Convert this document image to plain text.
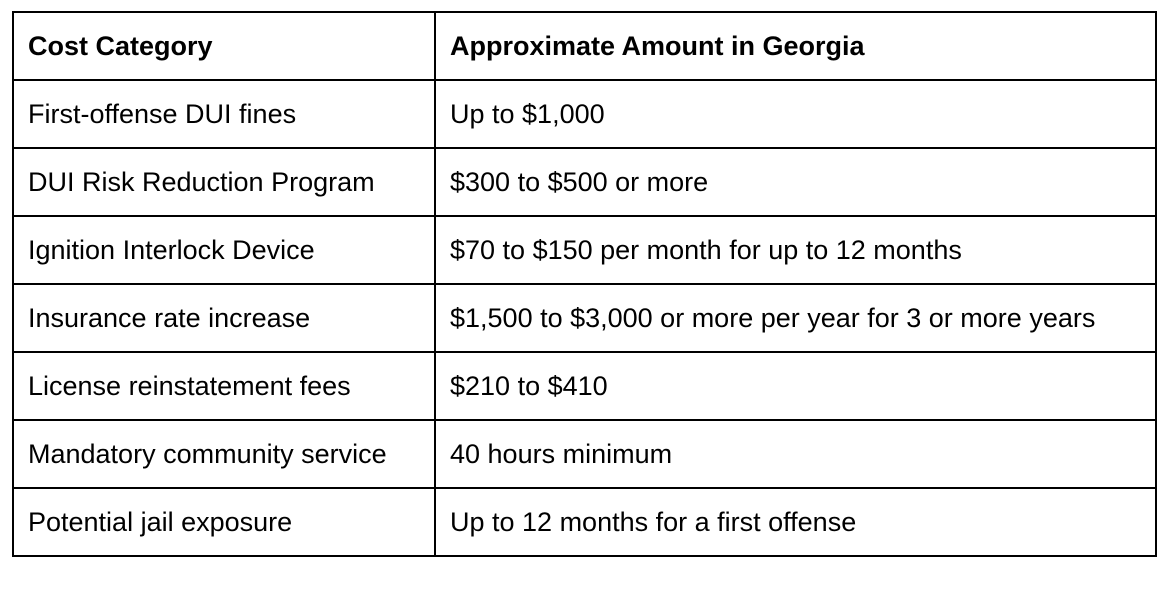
Cost Category	Approximate Amount in Georgia
First-offense DUI fines	Up to $1,000
DUI Risk Reduction Program	$300 to $500 or more
Ignition Interlock Device	$70 to $150 per month for up to 12 months
Insurance rate increase	$1,500 to $3,000 or more per year for 3 or more years
License reinstatement fees	$210 to $410
Mandatory community service	40 hours minimum
Potential jail exposure	Up to 12 months for a first offense
